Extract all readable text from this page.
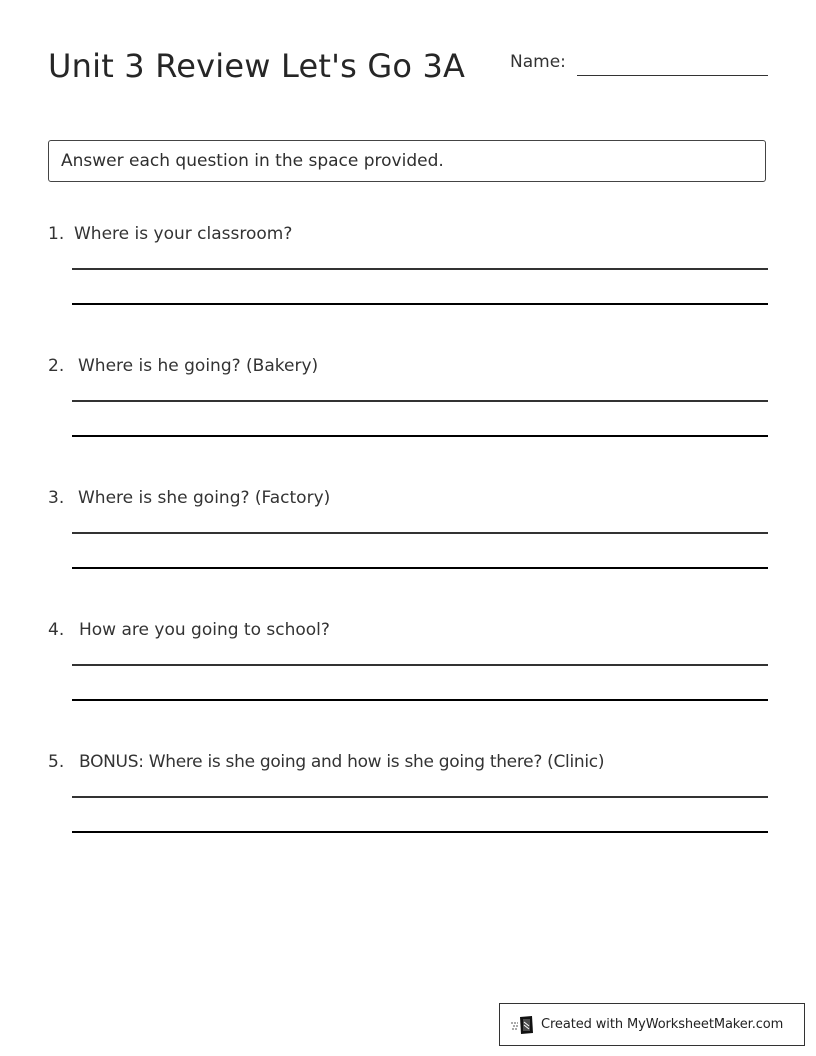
Unit 3 Review Let's Go 3A	Name:
Answer each question in the space provided.
1. Where is your classroom?
2. Where is he going? (Bakery)
3. Where is she going? (Factory)
4. How are you going to school?
5. BONUS: Where is she going and how is she going there? (Clinic)
Created with MyWorksheetMaker.com
